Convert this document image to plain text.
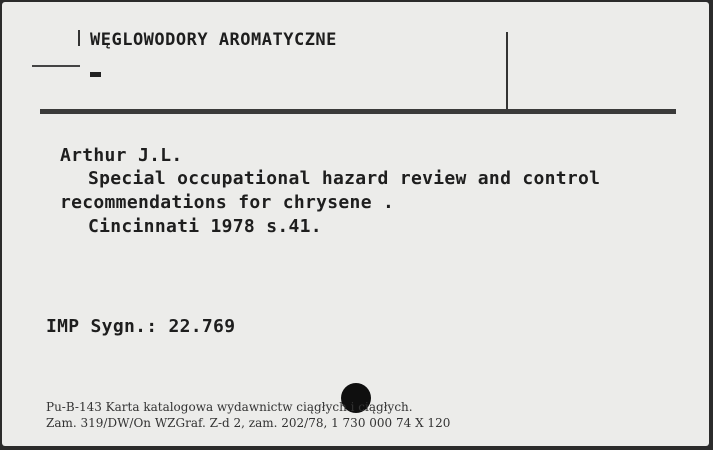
WĘGLOWODORY AROMATYCZNE
Arthur J.L.
Special occupational hazard review and control
recommendations for chrysene .
Cincinnati 1978 s.41.
IMP Sygn.: 22.769
Pu-B-143 Karta katalogowa wydawnictw ciągłych i ciągłych.
Zam. 319/DW/On WZGraf. Z-d 2, zam. 202/78, 1 730 000 74 X 120
